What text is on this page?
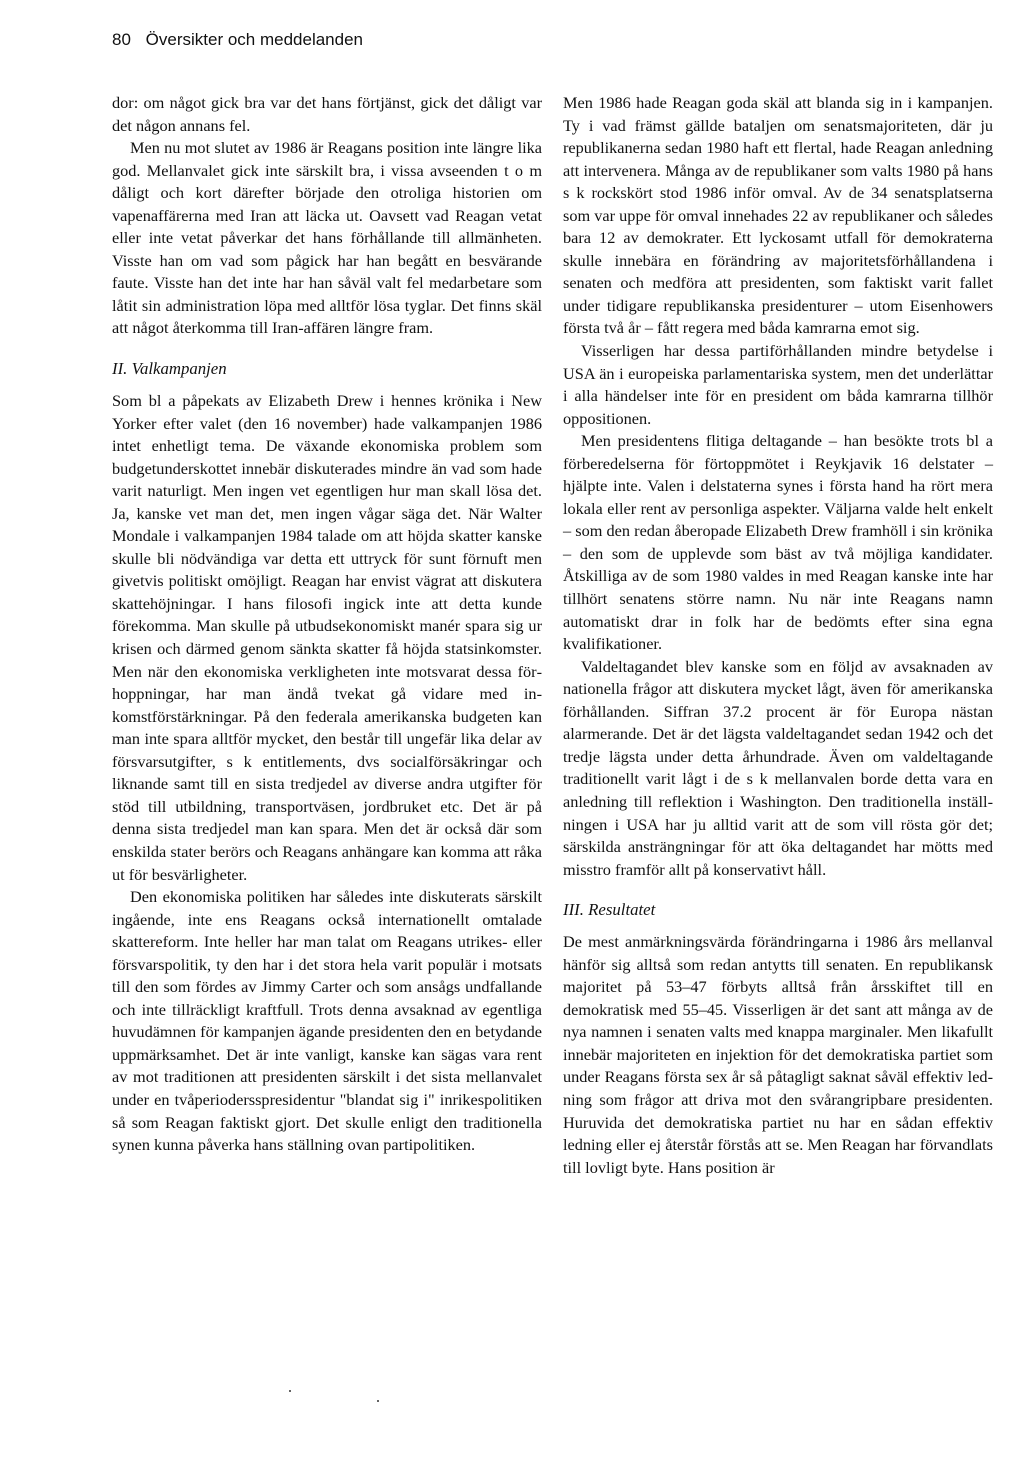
80 Översikter och meddelanden

dor: om något gick bra var det hans förtjänst, gick det dåligt var det någon annans fel.

Men nu mot slutet av 1986 är Reagans position inte längre lika god. Mellanvalet gick inte särskilt bra, i vissa avseenden t o m dåligt och kort därefter började den otroliga historien om vapenaffärerna med Iran att läcka ut. Oavsett vad Reagan vetat eller inte vetat påverkar det hans förhållande till allmänheten. Visste han om vad som pågick har han begått en besvärande faute. Visste han det inte har han såväl valt fel medarbetare som låtit sin administration löpa med alltför lösa tyglar. Det finns skäl att något återkomma till Iran-affären längre fram.

II. Valkampanjen

Som bl a påpekats av Elizabeth Drew i hennes krönika i New Yorker efter valet (den 16 november) hade valkampanjen 1986 intet enhetligt tema. De växande ekonomiska problem som budgetunderskottet innebär diskuterades mindre än vad som hade varit naturligt. Men ingen vet egentligen hur man skall lösa det. Ja, kanske vet man det, men ingen vågar säga det. När Walter Mondale i valkampanjen 1984 talade om att höjda skatter kanske skulle bli nödvändiga var detta ett uttryck för sunt förnuft men givetvis politiskt omöjligt. Reagan har envist vägrat att diskutera skattehöjningar. I hans filosofi ingick inte att detta kunde förekomma. Man skulle på utbudsekonomiskt manér spara sig ur krisen och därmed genom sänkta skatter få höjda statsinkomster. Men när den ekonomiska verkligheten inte motsvarat dessa förhoppningar, har man ändå tvekat gå vidare med inkomstförstärkningar. På den federala amerikanska budgeten kan man inte spara alltför mycket, den består till ungefär lika delar av försvarsutgifter, s k entitlements, dvs socialförsäkringar och liknande samt till en sista tredjedel av diverse andra utgifter för stöd till utbildning, transportväsen, jordbruket etc. Det är på denna sista tredjedel man kan spara. Men det är också där som enskilda stater berörs och Reagans anhängare kan komma att råka ut för besvärligheter.

Den ekonomiska politiken har således inte diskuterats särskilt ingående, inte ens Reagans också internationellt omtalade skattereform. Inte heller har man talat om Reagans utrikes- eller försvarspolitik, ty den har i det stora hela varit populär i motsats till den som fördes av Jimmy Carter och som ansågs undfallande och inte tillräckligt kraftfull. Trots denna avsaknad av egentliga huvudämnen för kampanjen ägande presidenten den en betydande uppmärksamhet. Det är inte vanligt, kanske kan sägas vara rent av mot traditionen att presidenten särskilt i det sista mellanvalet under en tvåperiodersspresidentur "blandat sig i" inrikespolitiken så som Reagan faktiskt gjort. Det skulle enligt den traditionella synen kunna påverka hans ställning ovan partipolitiken.

Men 1986 hade Reagan goda skäl att blanda sig in i kampanjen. Ty i vad främst gällde bataljen om senatsmajoriteten, där ju republikanerna sedan 1980 haft ett flertal, hade Reagan anledning att intervenera. Många av de republikaner som valts 1980 på hans s k rockskört stod 1986 inför omval. Av de 34 senatsplatserna som var uppe för omval innehades 22 av republikaner och således bara 12 av demokrater. Ett lyckosamt utfall för demokraterna skulle innebära en förändring av majoritetsförhållandena i senaten och medföra att presidenten, som faktiskt varit fallet under tidigare republikanska presidenturer – utom Eisenhowers första två år – fått regera med båda kamrarna emot sig.

Visserligen har dessa partiförhållanden mindre betydelse i USA än i europeiska parlamentariska system, men det underlättar i alla händelser inte för en president om båda kamrarna tillhör oppositionen.

Men presidentens flitiga deltagande – han besökte trots bl a förberedelserna för förtoppmötet i Reykjavik 16 delstater – hjälpte inte. Valen i delstaterna synes i första hand ha rört mera lokala eller rent av personliga aspekter. Väljarna valde helt enkelt – som den redan åberopade Elizabeth Drew framhöll i sin krönika – den som de upplevde som bäst av två möjliga kandidater. Åtskilliga av de som 1980 valdes in med Reagan kanske inte har tillhört senatens större namn. Nu när inte Reagans namn automatiskt drar in folk har de bedömts efter sina egna kvalifikationer.

Valdeltagandet blev kanske som en följd av avsaknaden av nationella frågor att diskutera mycket lågt, även för amerikanska förhållanden. Siffran 37.2 procent är för Europa nästan alarmerande. Det är det lägsta valdeltagandet sedan 1942 och det tredje lägsta under detta århundrade. Även om valdeltagande traditionellt varit lågt i de s k mellanvalen borde detta vara en anledning till reflektion i Washington. Den traditionella inställningen i USA har ju alltid varit att de som vill rösta gör det; särskilda ansträngningar för att öka deltagandet har mötts med misstro framför allt på konservativt håll.

III. Resultatet

De mest anmärkningsvärda förändringarna i 1986 års mellanval hänför sig alltså som redan antytts till senaten. En republikansk majoritet på 53–47 förbyts alltså från årsskiftet till en demokratisk med 55–45. Visserligen är det sant att många av de nya namnen i senaten valts med knappa marginaler. Men likafullt innebär majoriteten en injektion för det demokratiska partiet som under Reagans första sex år så påtagligt saknat såväl effektiv ledning som frågor att driva mot den svårangripbare presidenten. Huruvida det demokratiska partiet nu har en sådan effektiv ledning eller ej återstår förstås att se. Men Reagan har förvandlats till lovligt byte. Hans position är
